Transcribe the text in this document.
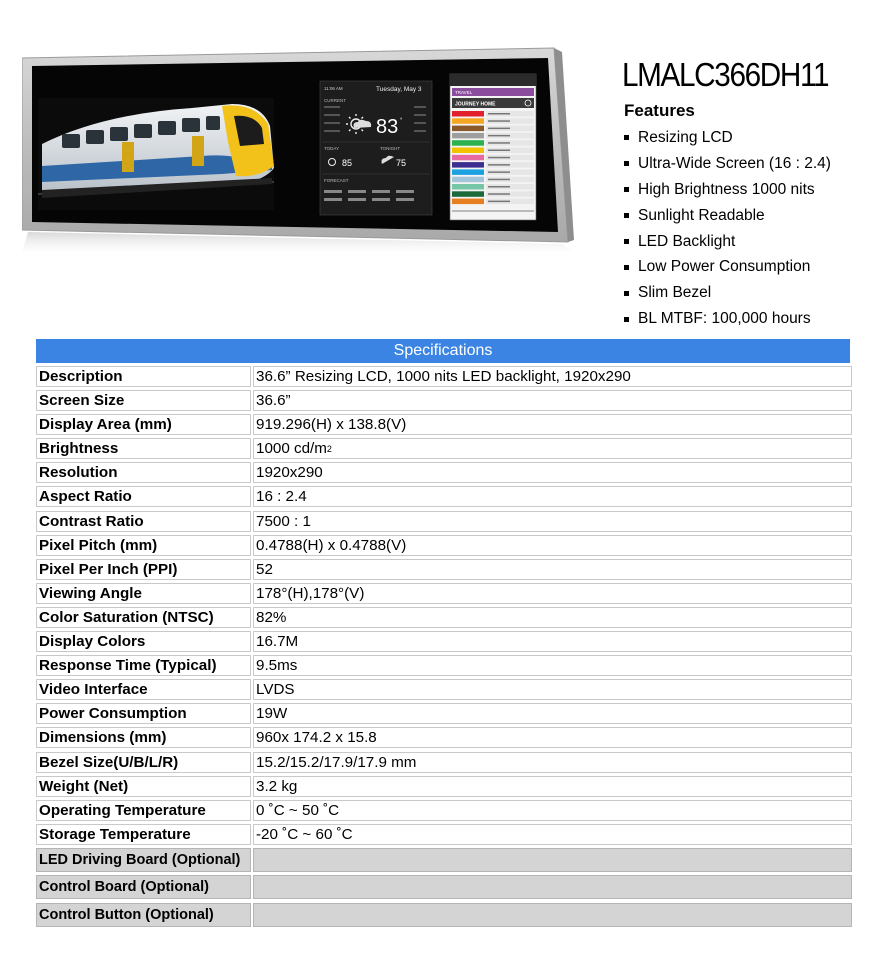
11:06 AM	Tuesday, May 3
CURRENT
83 °
TODAY	TONIGHT
85	75
FORECAST
TRAVEL
JOURNEY HOME
LMALC366DH11
Features
Resizing LCD
Ultra-Wide Screen (16 : 2.4)
High Brightness 1000 nits
Sunlight Readable
LED Backlight
Low Power Consumption
Slim Bezel
BL MTBF: 100,000 hours
Specifications
Description	36.6” Resizing LCD, 1000 nits LED backlight, 1920x290
Screen Size	36.6”
Display Area (mm)	919.296(H) x 138.8(V)
Brightness	1000 cd/m 2
Resolution	1920x290
Aspect Ratio	16 : 2.4
Contrast Ratio	7500 : 1
Pixel Pitch (mm)	0.4788(H) x 0.4788(V)
Pixel Per Inch (PPI)	52
Viewing Angle	178°(H),178°(V)
Color Saturation (NTSC)	82%
Display Colors	16.7M
Response Time (Typical)	9.5ms
Video Interface	LVDS
Power Consumption	19W
Dimensions (mm)	960x 174.2 x 15.8
Bezel Size(U/B/L/R)	15.2/15.2/17.9/17.9 mm
Weight (Net)	3.2 kg
Operating Temperature	0 ˚C ~ 50 ˚C
Storage Temperature	-20 ˚C ~ 60 ˚C
LED Driving Board (Optional)
Control Board (Optional)
Control Button (Optional)
